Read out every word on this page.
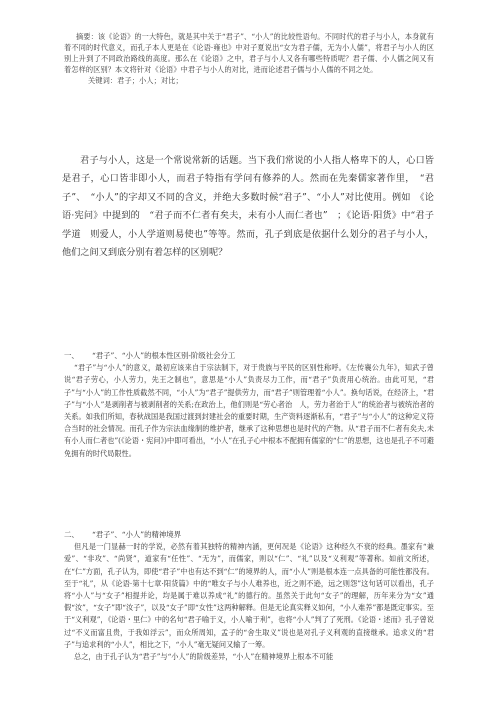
摘要：该《论语》的一大特色，就是其中关于“君子”、“小人”的比较性语句。不同时代的君子与小人，本身就有着不同的时代意义，而孔子本人更是在《论语·雍也》中对子夏说出“女为君子儒，无为小人儒”，将君子与小人的区别上升到了不同政治路线的高度。那么在《论语》之中，君子与小人又各有哪些特质呢？君子儒、小人儒之间又有着怎样的区别？本文将针对《论语》中君子与小人的对比，进而论述君子儒与小人儒的不同之处。

关键词：君子；小人；对比；

君子与小人，这是一个常说常新的话题。当下我们常说的小人指人格卑下的人，心口皆是君子，心口皆非即小人，而君子特指有学问有修养的人。然而在先秦儒家著作里，　“君子”、　“小人”的字却又不同的含义，并绝大多数时候“君子”、“小人”对比使用。例如　《论语·宪问》中提到的　“君子而不仁者有矣夫，未有小人而仁者也”　；《论语·阳货》中“君子学道　则爱人，小人学道则易使也”等等。然而，孔子到底是依据什么划分的君子与小人，他们之间又到底分别有着怎样的区别呢？

一、 “君子”、“小人”的根本性区别-阶级社会分工

“君子”与“小人”的意义，最初应该来自于宗法制下，对于贵族与平民的区别性称呼。《左传襄公九年》，知武子曾说“君子劳心，小人劳力，先王之制也”，意思是“小人”负责尽力工作，而“君子”负责用心统治。由此可见，“君子”与“小人”的工作性质截然不同，“小人”为“君子”提供劳力，而“君子”则管理着“小人”。换句话说，在经济上，“君子”与“小人”是剥削者与被剥削者的关系;在政治上，他们则是“劳心者治　人，劳力者治于人”的统治者与被统治者的关系。如我们所知，春秋战国是我国过渡到封建社会的重要时期，生产资料逐渐私有，“君子”与“小人”的这种定义符合当时的社会情况。而孔子作为宗法血缘制的维护者，继承了这种思想也是时代的产物。从“君子而不仁者有矣夫,未有小人而仁者也”(《论语・宪问》)中即可看出，“小人”在孔子心中根本不配拥有儒家的“仁”的思想，这也是孔子不可避免拥有的时代局限性。

二、 “君子”、“小人”的精神境界

但凡是一门显赫一时的学说，必然有着其独特的精神内涵，更何况是《论语》这种经久不衰的经典。墨家有“兼爱”、“非攻”、“尚贤”，道家有“任性”、“无为”，而儒家，则以“仁”、“礼”以及“义利观”等著称。如前文所述，在“仁”方面，孔子认为，即使“君子”中也有达不到“仁”的境界的人，而“小人”则是根本连一点具备的可能性都没有。至于“礼”，从《论语·第十七章·阳货篇》中的“唯女子与小人难养也，近之则不逊，远之则怨”这句话可以看出，孔子将“小人”与“女子”相提并论，均是属于难以养成“礼”的德行的。虽然关于此句“女子”的理解，历年来分为“女”通假“汝”，“女子”即“汝子”，以及“女子”即“女性”这两种解释。但是无论真实释义如何，“小人难养”都是既定事实。至于“义利观”，《论语・里仁》中的名句“君子喻于义，小人喻于利”，也将“小人”判了了死刑。《论语・述而》孔子曾说过“不义而富且贵，于我如浮云”，而众所周知，孟子的“舍生取义”说也是对孔子义利观的直接继承。追求义的“君子”与追求利的“小人”，相比之下，“小人”毫无疑问又输了一筹。

总之，由于孔子认为“君子”与“小人”的阶级差异，“小人”在精神境界上根本不可能
